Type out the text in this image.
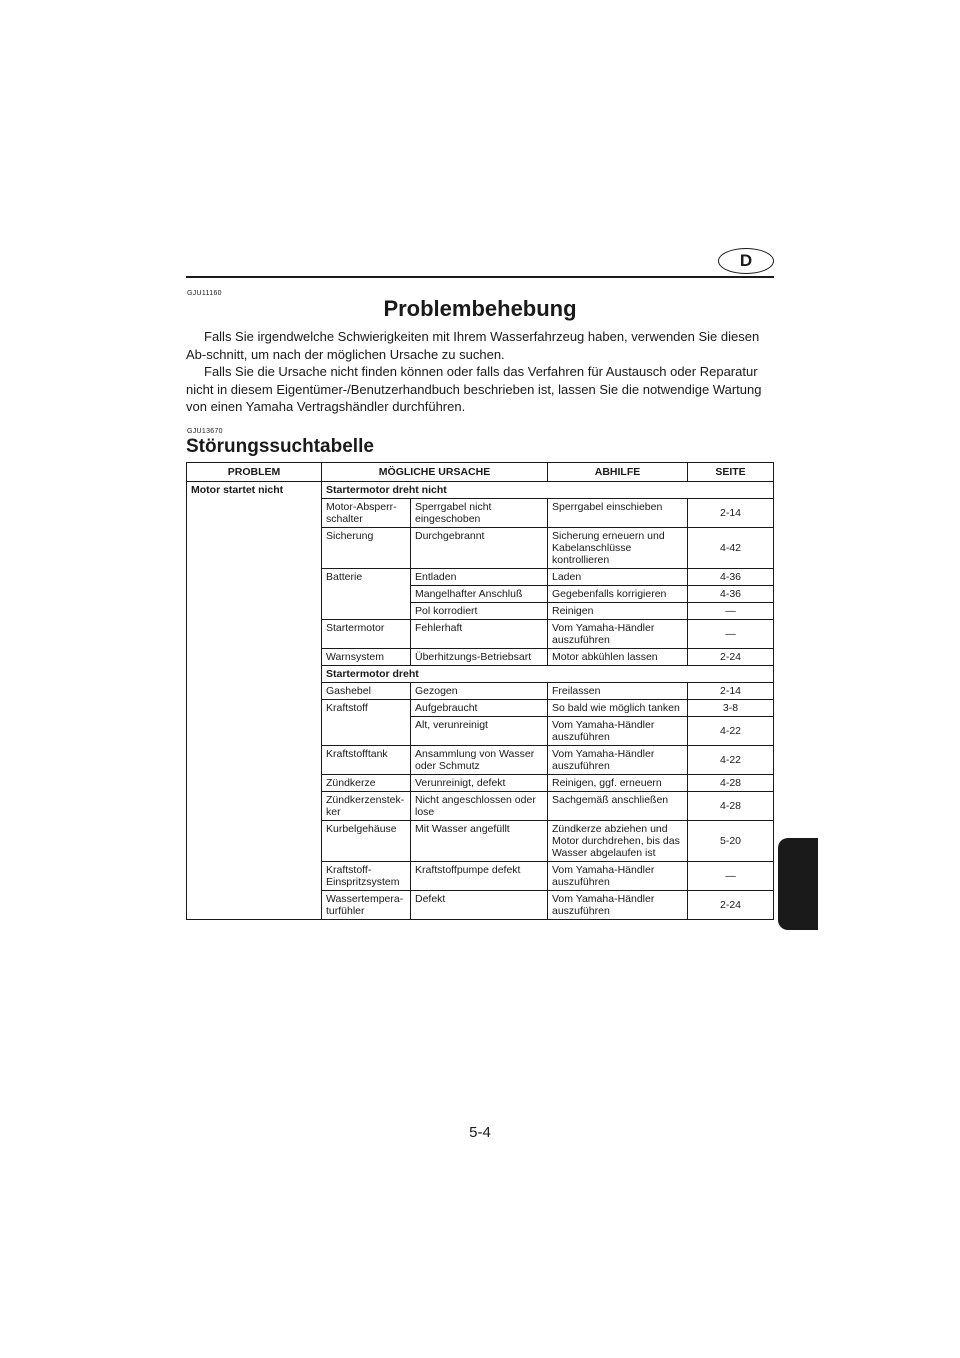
D
GJU11160
Problembehebung

Falls Sie irgendwelche Schwierigkeiten mit Ihrem Wasserfahrzeug haben, verwenden Sie diesen Ab-schnitt, um nach der möglichen Ursache zu suchen.

Falls Sie die Ursache nicht finden können oder falls das Verfahren für Austausch oder Reparatur nicht in diesem Eigentümer-/Benutzerhandbuch beschrieben ist, lassen Sie die notwendige Wartung von einen Yamaha Vertragshändler durchführen.

GJU13670
Störungssuchtabelle
PROBLEM	MÖGLICHE URSACHE		ABHILFE	SEITE
Motor startet nicht	Startermotor dreht nicht			
	Motor-Absperr-schalter	Sperrgabel nicht eingeschoben	Sperrgabel einschieben	2-14
	Sicherung	Durchgebrannt	Sicherung erneuern und Kabelanschlüsse kontrollieren	4-42
	Batterie	Entladen	Laden	4-36
		Mangelhafter Anschluß	Gegebenfalls korrigieren	4-36
		Pol korrodiert	Reinigen	—
	Startermotor	Fehlerhaft	Vom Yamaha-Händler auszuführen	—
	Warnsystem	Überhitzungs-Betriebsart	Motor abkühlen lassen	2-24
	Startermotor dreht			
	Gashebel	Gezogen	Freilassen	2-14
	Kraftstoff	Aufgebraucht	So bald wie möglich tanken	3-8
		Alt, verunreinigt	Vom Yamaha-Händler auszuführen	4-22
	Kraftstofftank	Ansammlung von Wasser oder Schmutz	Vom Yamaha-Händler auszuführen	4-22
	Zündkerze	Verunreinigt, defekt	Reinigen, ggf. erneuern	4-28
	Zündkerzenstek-ker	Nicht angeschlossen oder lose	Sachgemäß anschließen	4-28
	Kurbelgehäuse	Mit Wasser angefüllt	Zündkerze abziehen und Motor durchdrehen, bis das Wasser abgelaufen ist	5-20
	Kraftstoff-Einspritzsystem	Kraftstoffpumpe defekt	Vom Yamaha-Händler auszuführen	—
	Wassertempera-turfühler	Defekt	Vom Yamaha-Händler auszuführen	2-24
5-4
